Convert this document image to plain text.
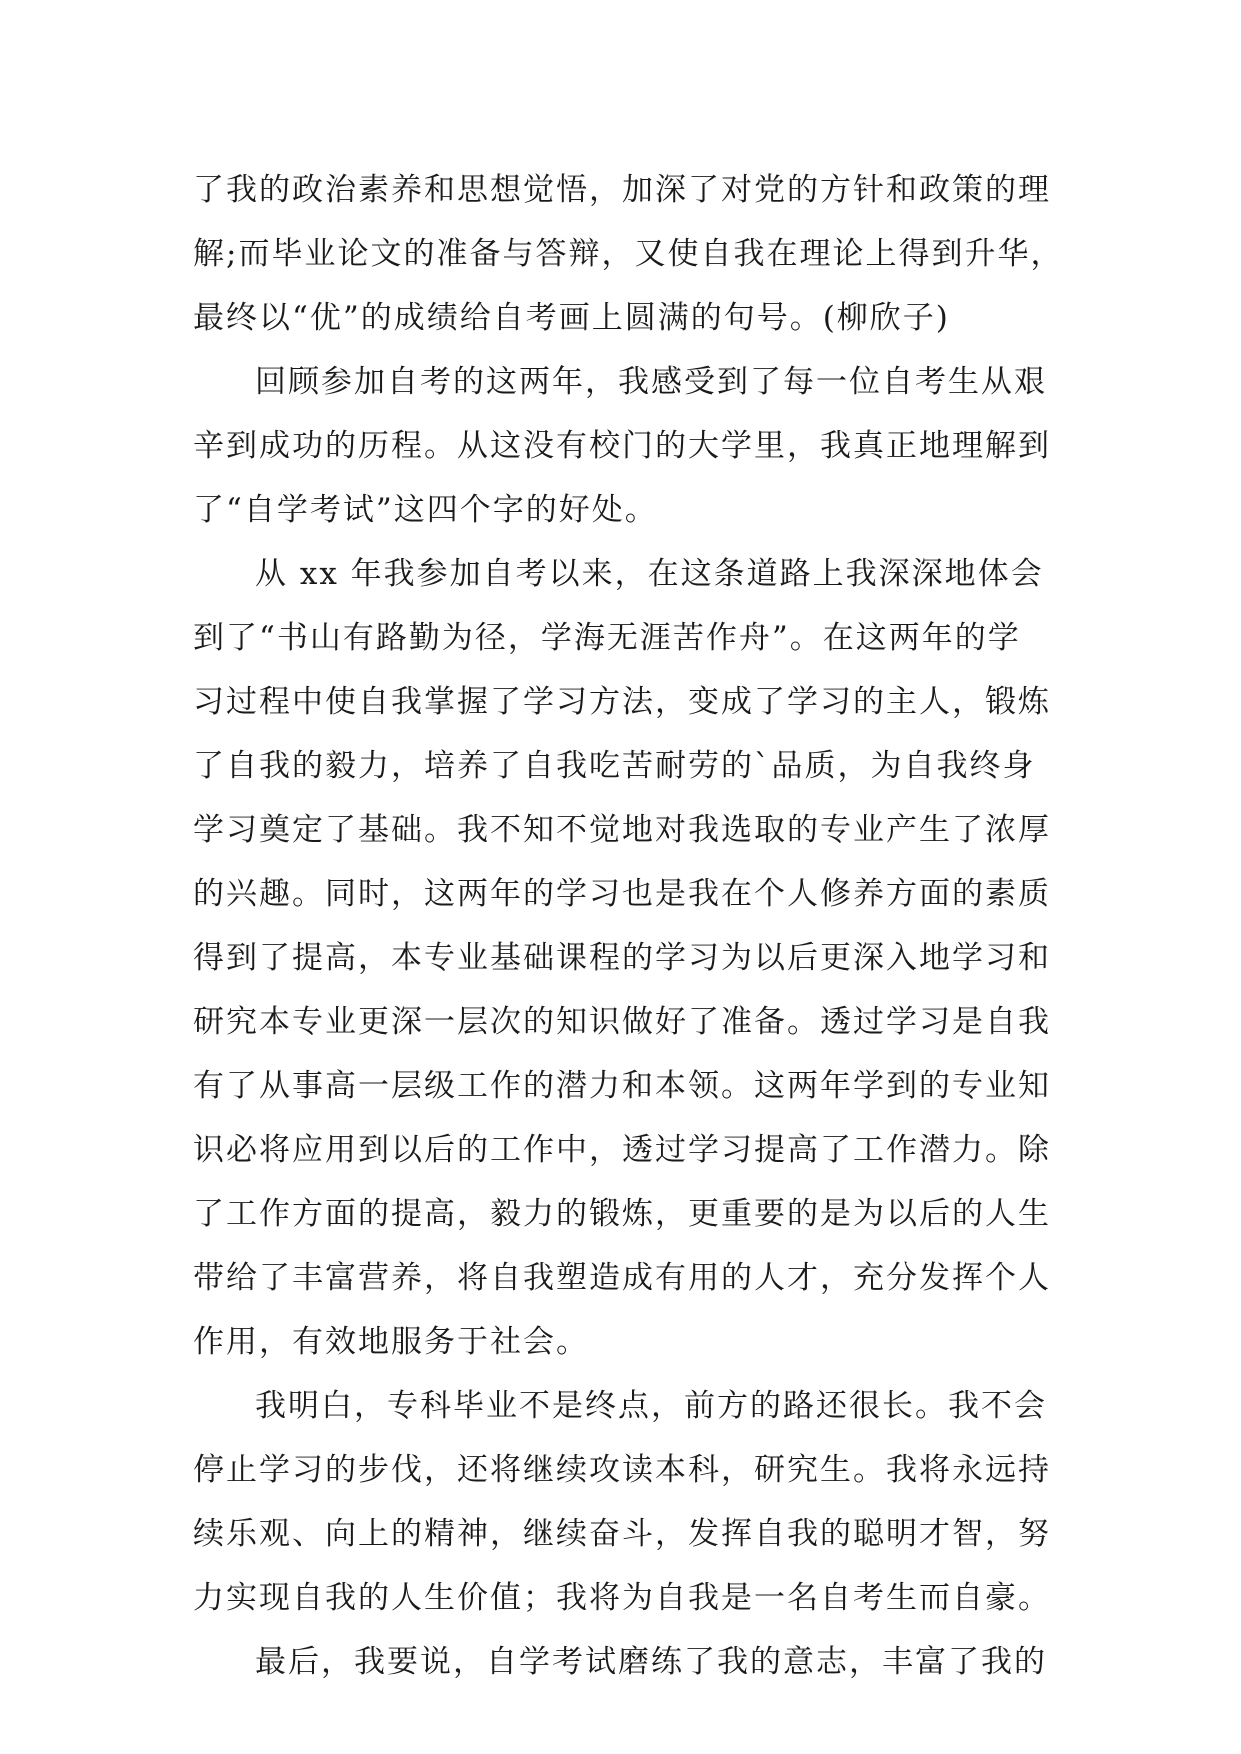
了我的政治素养和思想觉悟，加深了对党的方针和政策的理
解;而毕业论文的准备与答辩，又使自我在理论上得到升华，
最终以“优”的成绩给自考画上圆满的句号。(柳欣子)
回顾参加自考的这两年，我感受到了每一位自考生从艰
辛到成功的历程。从这没有校门的大学里，我真正地理解到
了“自学考试”这四个字的好处。
从 xx 年我参加自考以来，在这条道路上我深深地体会
到了“书山有路勤为径，学海无涯苦作舟”。在这两年的学
习过程中使自我掌握了学习方法，变成了学习的主人，锻炼
了自我的毅力，培养了自我吃苦耐劳的`品质，为自我终身
学习奠定了基础。我不知不觉地对我选取的专业产生了浓厚
的兴趣。同时，这两年的学习也是我在个人修养方面的素质
得到了提高，本专业基础课程的学习为以后更深入地学习和
研究本专业更深一层次的知识做好了准备。透过学习是自我
有了从事高一层级工作的潜力和本领。这两年学到的专业知
识必将应用到以后的工作中，透过学习提高了工作潜力。除
了工作方面的提高，毅力的锻炼，更重要的是为以后的人生
带给了丰富营养，将自我塑造成有用的人才，充分发挥个人
作用，有效地服务于社会。
我明白，专科毕业不是终点，前方的路还很长。我不会
停止学习的步伐，还将继续攻读本科，研究生。我将永远持
续乐观、向上的精神，继续奋斗，发挥自我的聪明才智，努
力实现自我的人生价值；我将为自我是一名自考生而自豪。
最后，我要说，自学考试磨练了我的意志，丰富了我的
